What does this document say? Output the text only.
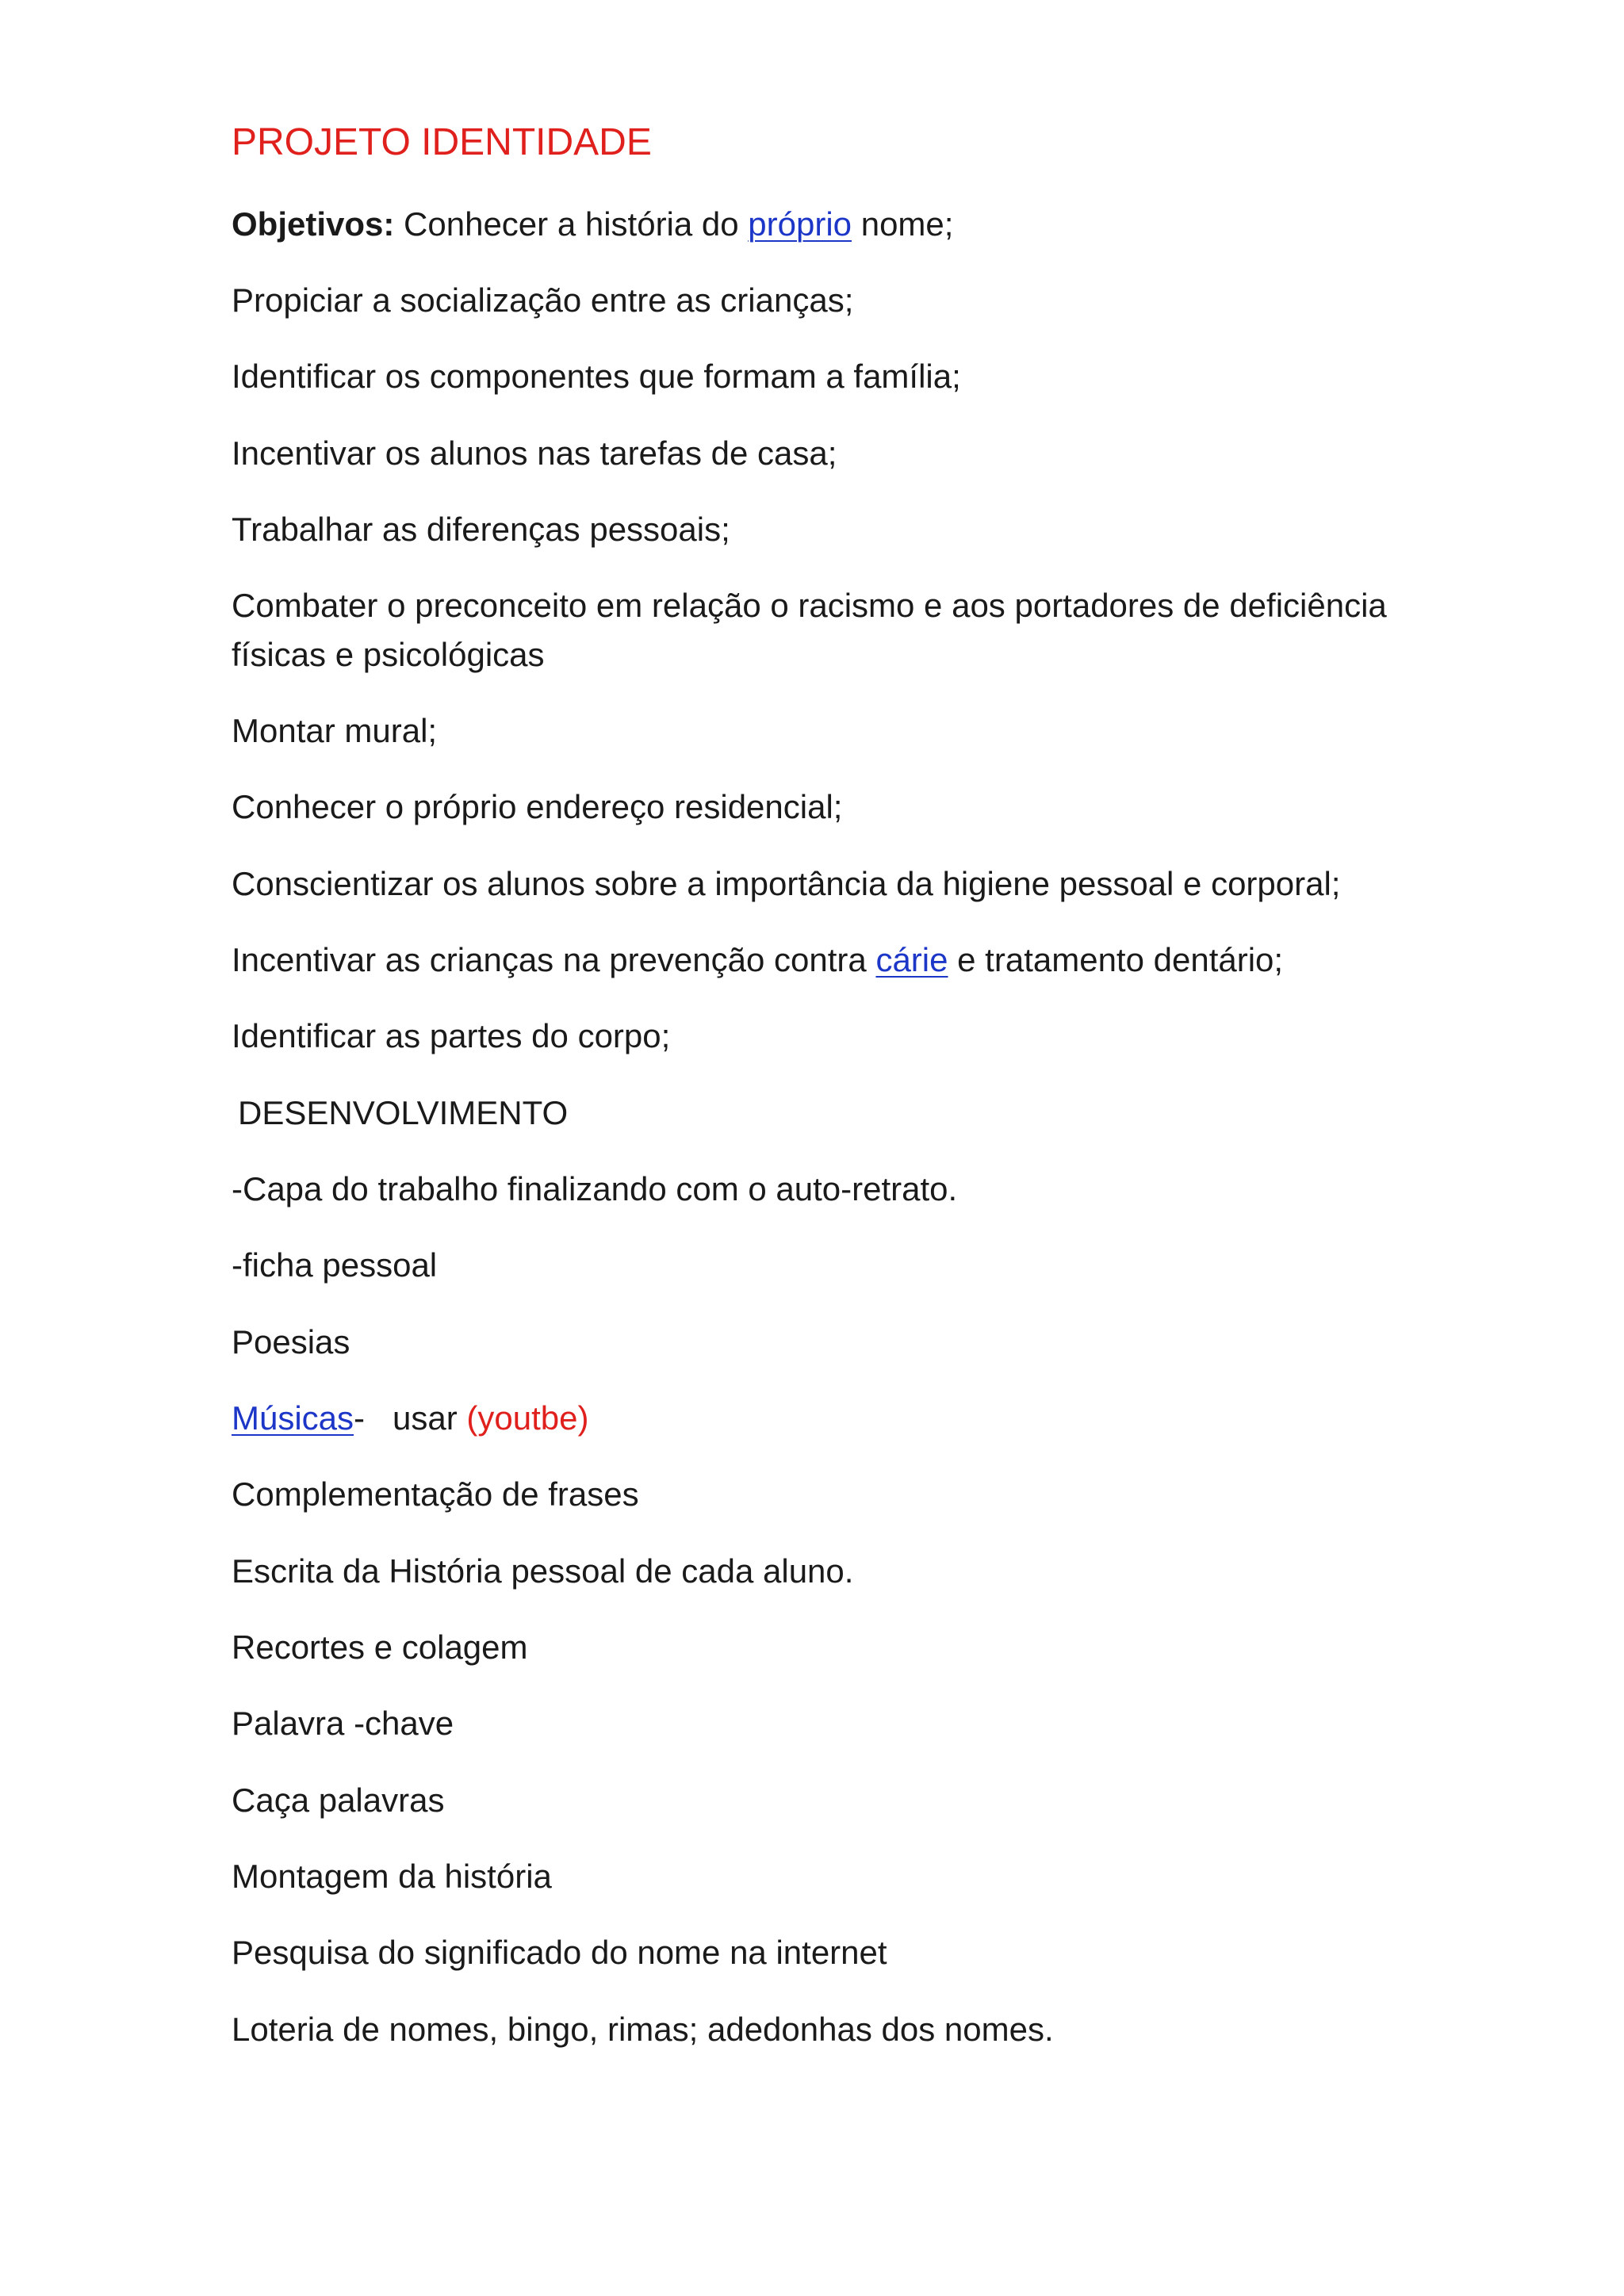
PROJETO IDENTIDADE

Objetivos: Conhecer a história do próprio nome;

Propiciar a socialização entre as crianças;

Identificar os componentes que formam a família;

Incentivar os alunos nas tarefas de casa;

Trabalhar as diferenças pessoais;

Combater o preconceito em relação o racismo e aos portadores de deficiência físicas e psicológicas

Montar mural;

Conhecer o próprio endereço residencial;

Conscientizar os alunos sobre a importância da higiene pessoal e corporal;

Incentivar as crianças na prevenção contra cárie e tratamento dentário;

Identificar as partes do corpo;

DESENVOLVIMENTO

-Capa do trabalho finalizando com o auto-retrato.

-ficha pessoal

Poesias

Músicas-   usar (youtbe)

Complementação de frases

Escrita da História pessoal de cada aluno.

Recortes e colagem

Palavra -chave

Caça palavras

Montagem da história

Pesquisa do significado do nome na internet

Loteria de nomes, bingo, rimas; adedonhas dos nomes.
